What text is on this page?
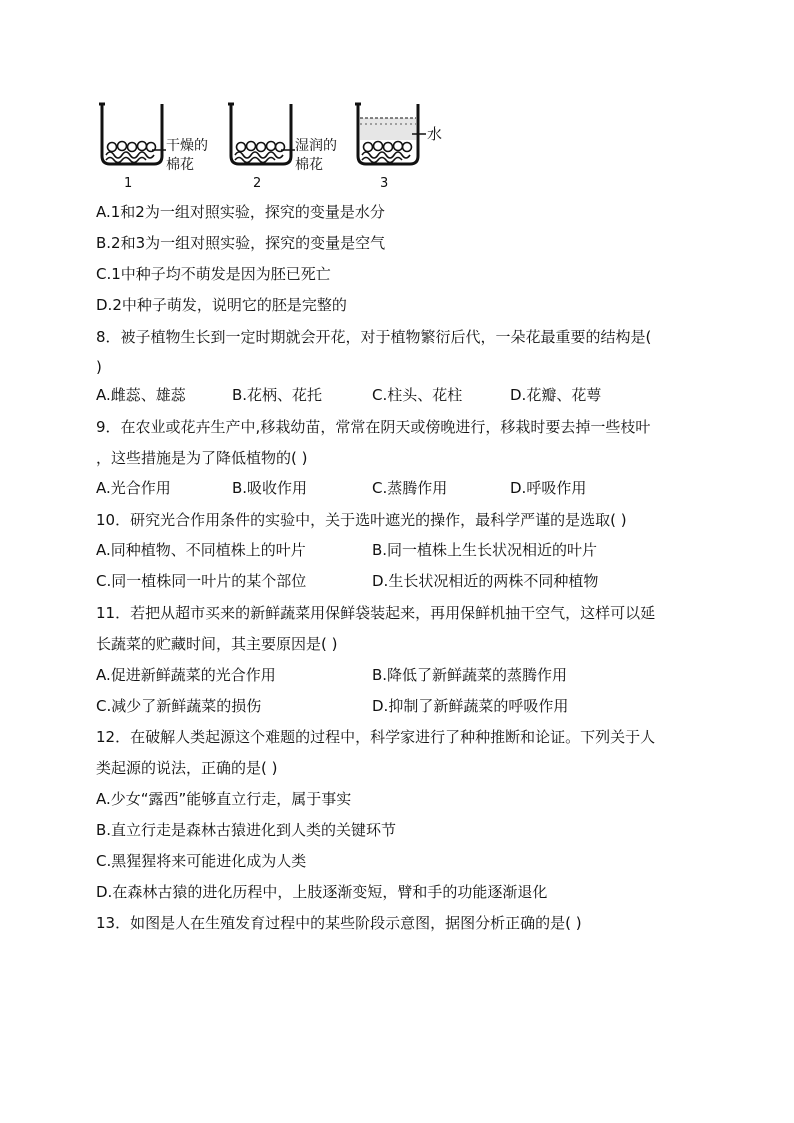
干燥的
棉花
1
湿润的
棉花
2
水
3
A.1和2为一组对照实验，探究的变量是水分
B.2和3为一组对照实验，探究的变量是空气
C.1中种子均不萌发是因为胚已死亡
D.2中种子萌发，说明它的胚是完整的
8．被子植物生长到一定时期就会开花，对于植物繁衍后代，一朵花最重要的结构是(
)
A.雌蕊、雄蕊	B.花柄、花托	C.柱头、花柱	D.花瓣、花萼
9．在农业或花卉生产中,移栽幼苗，常常在阴天或傍晚进行，移栽时要去掉一些枝叶
，这些措施是为了降低植物的( )
A.光合作用	B.吸收作用	C.蒸腾作用	D.呼吸作用
10．研究光合作用条件的实验中，关于选叶遮光的操作，最科学严谨的是选取( )
A.同种植物、不同植株上的叶片	B.同一植株上生长状况相近的叶片
C.同一植株同一叶片的某个部位	D.生长状况相近的两株不同种植物
11．若把从超市买来的新鲜蔬菜用保鲜袋装起来，再用保鲜机抽干空气，这样可以延
长蔬菜的贮藏时间，其主要原因是( )
A.促进新鲜蔬菜的光合作用	B.降低了新鲜蔬菜的蒸腾作用
C.减少了新鲜蔬菜的损伤	D.抑制了新鲜蔬菜的呼吸作用
12．在破解人类起源这个难题的过程中，科学家进行了种种推断和论证。下列关于人
类起源的说法，正确的是( )
A.少女“露西”能够直立行走，属于事实
B.直立行走是森林古猿进化到人类的关键环节
C.黑猩猩将来可能进化成为人类
D.在森林古猿的进化历程中，上肢逐渐变短，臂和手的功能逐渐退化
13．如图是人在生殖发育过程中的某些阶段示意图，据图分析正确的是( )
